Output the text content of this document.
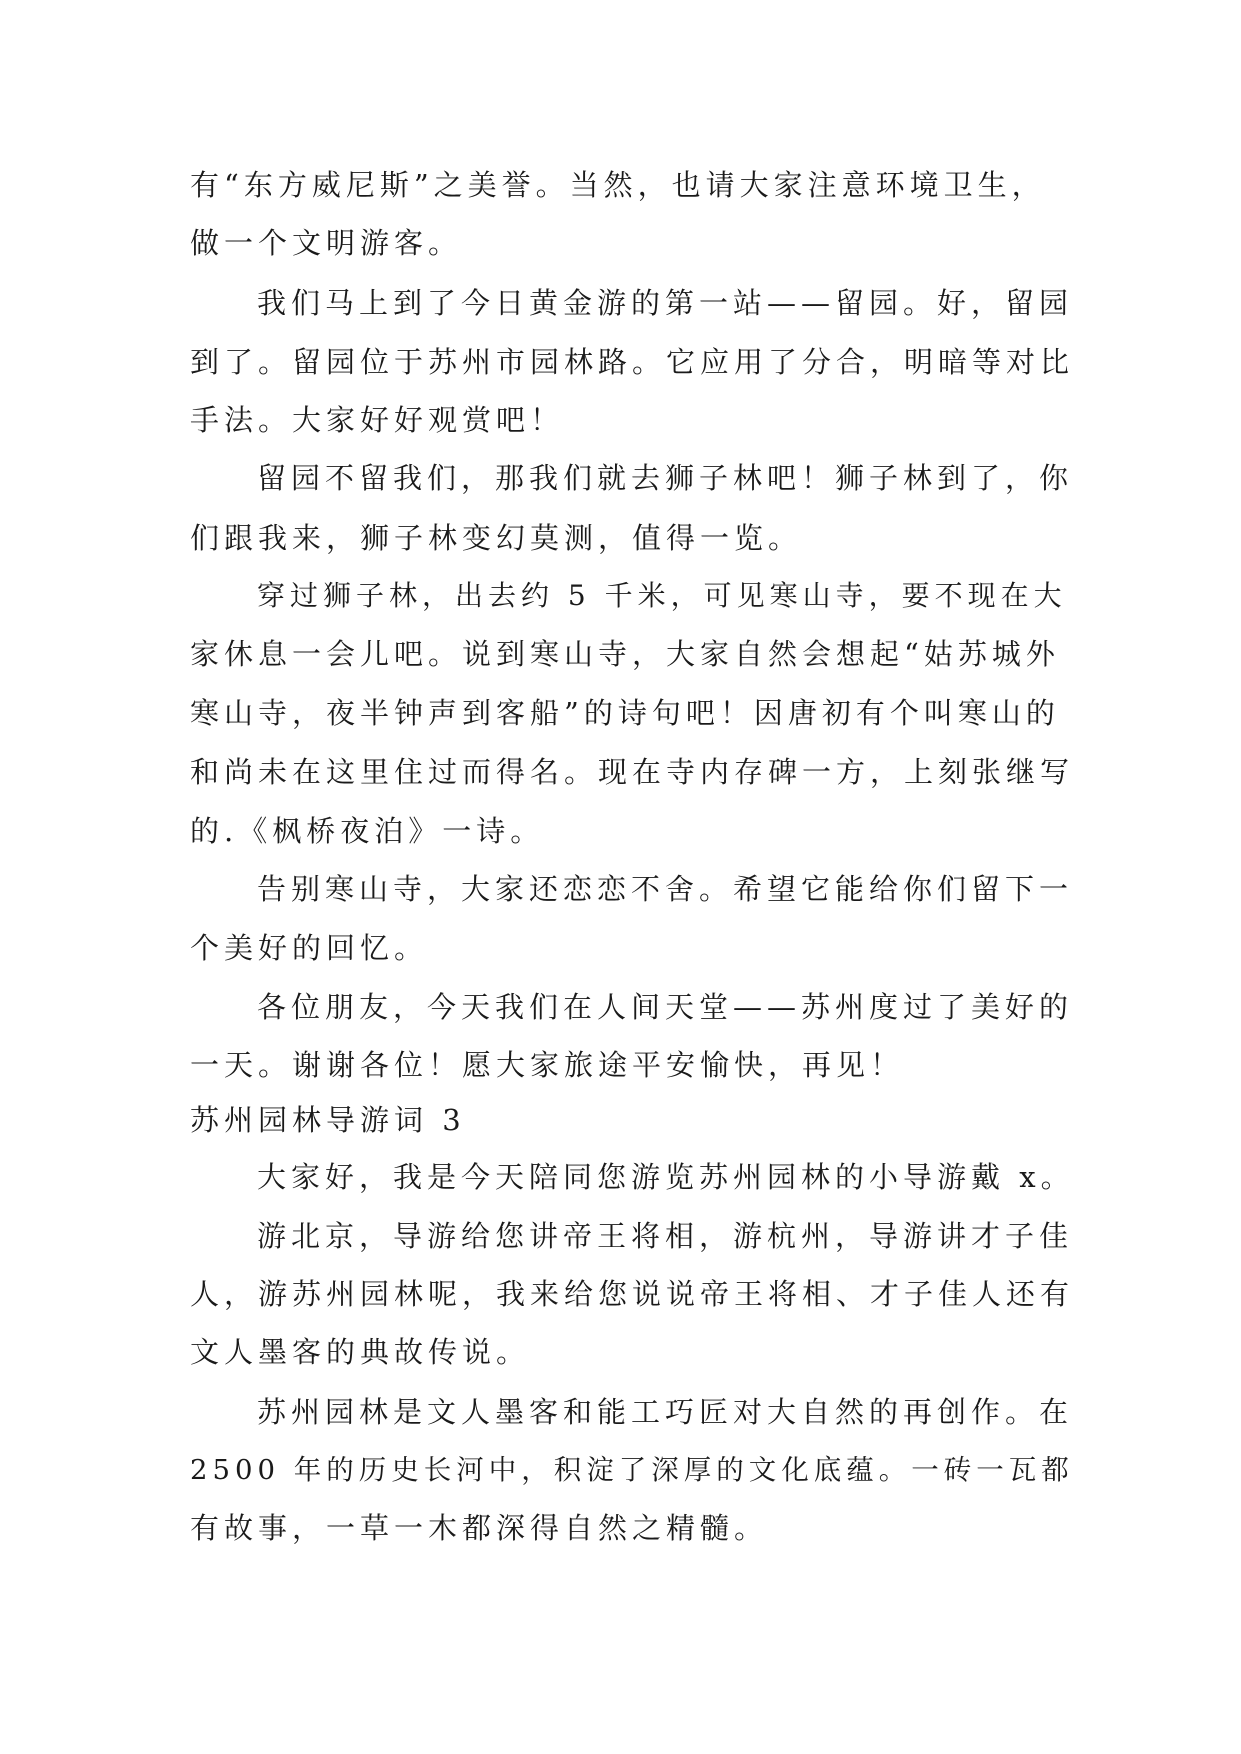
有“东方威尼斯”之美誉。当然，也请大家注意环境卫生，

做一个文明游客。

我们马上到了今日黄金游的第一站——留园。好，留园

到了。留园位于苏州市园林路。它应用了分合，明暗等对比

手法。大家好好观赏吧！

留园不留我们，那我们就去狮子林吧！狮子林到了，你

们跟我来，狮子林变幻莫测，值得一览。

穿过狮子林，出去约 5 千米，可见寒山寺，要不现在大

家休息一会儿吧。说到寒山寺，大家自然会想起“姑苏城外

寒山寺，夜半钟声到客船”的诗句吧！因唐初有个叫寒山的

和尚未在这里住过而得名。现在寺内存碑一方，上刻张继写

的.《枫桥夜泊》一诗。

告别寒山寺，大家还恋恋不舍。希望它能给你们留下一

个美好的回忆。

各位朋友，今天我们在人间天堂——苏州度过了美好的

一天。谢谢各位！愿大家旅途平安愉快，再见！

苏州园林导游词 3

大家好，我是今天陪同您游览苏州园林的小导游戴 x。

游北京，导游给您讲帝王将相，游杭州，导游讲才子佳

人，游苏州园林呢，我来给您说说帝王将相、才子佳人还有

文人墨客的典故传说。

苏州园林是文人墨客和能工巧匠对大自然的再创作。在

2500 年的历史长河中，积淀了深厚的文化底蕴。一砖一瓦都

有故事，一草一木都深得自然之精髓。
